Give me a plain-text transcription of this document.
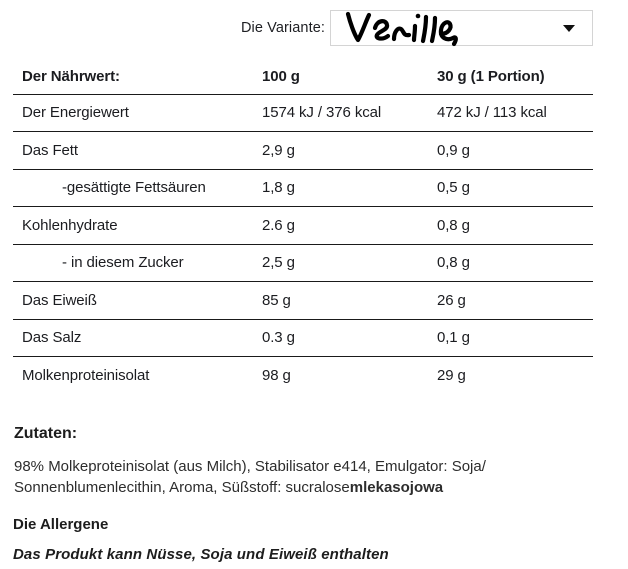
Die Variante:
Der Nährwert:	100 g	30 g (1 Portion)
Der Energiewert	1574 kJ / 376 kcal	472 kJ / 113 kcal
Das Fett	2,9 g	0,9 g
-gesättigte Fettsäuren	1,8 g	0,5 g
Kohlenhydrate	2.6 g	0,8 g
- in diesem Zucker	2,5 g	0,8 g
Das Eiweiß	85 g	26 g
Das Salz	0.3 g	0,1 g
Molkenproteinisolat	98 g	29 g
Zutaten:

98% Molkeproteinisolat (aus Milch), Stabilisator e414, Emulgator: Soja/
Sonnenblumenlecithin, Aroma, Süßstoff: sucralosemlekasojowa

Die Allergene

Das Produkt kann Nüsse, Soja und Eiweiß enthalten
